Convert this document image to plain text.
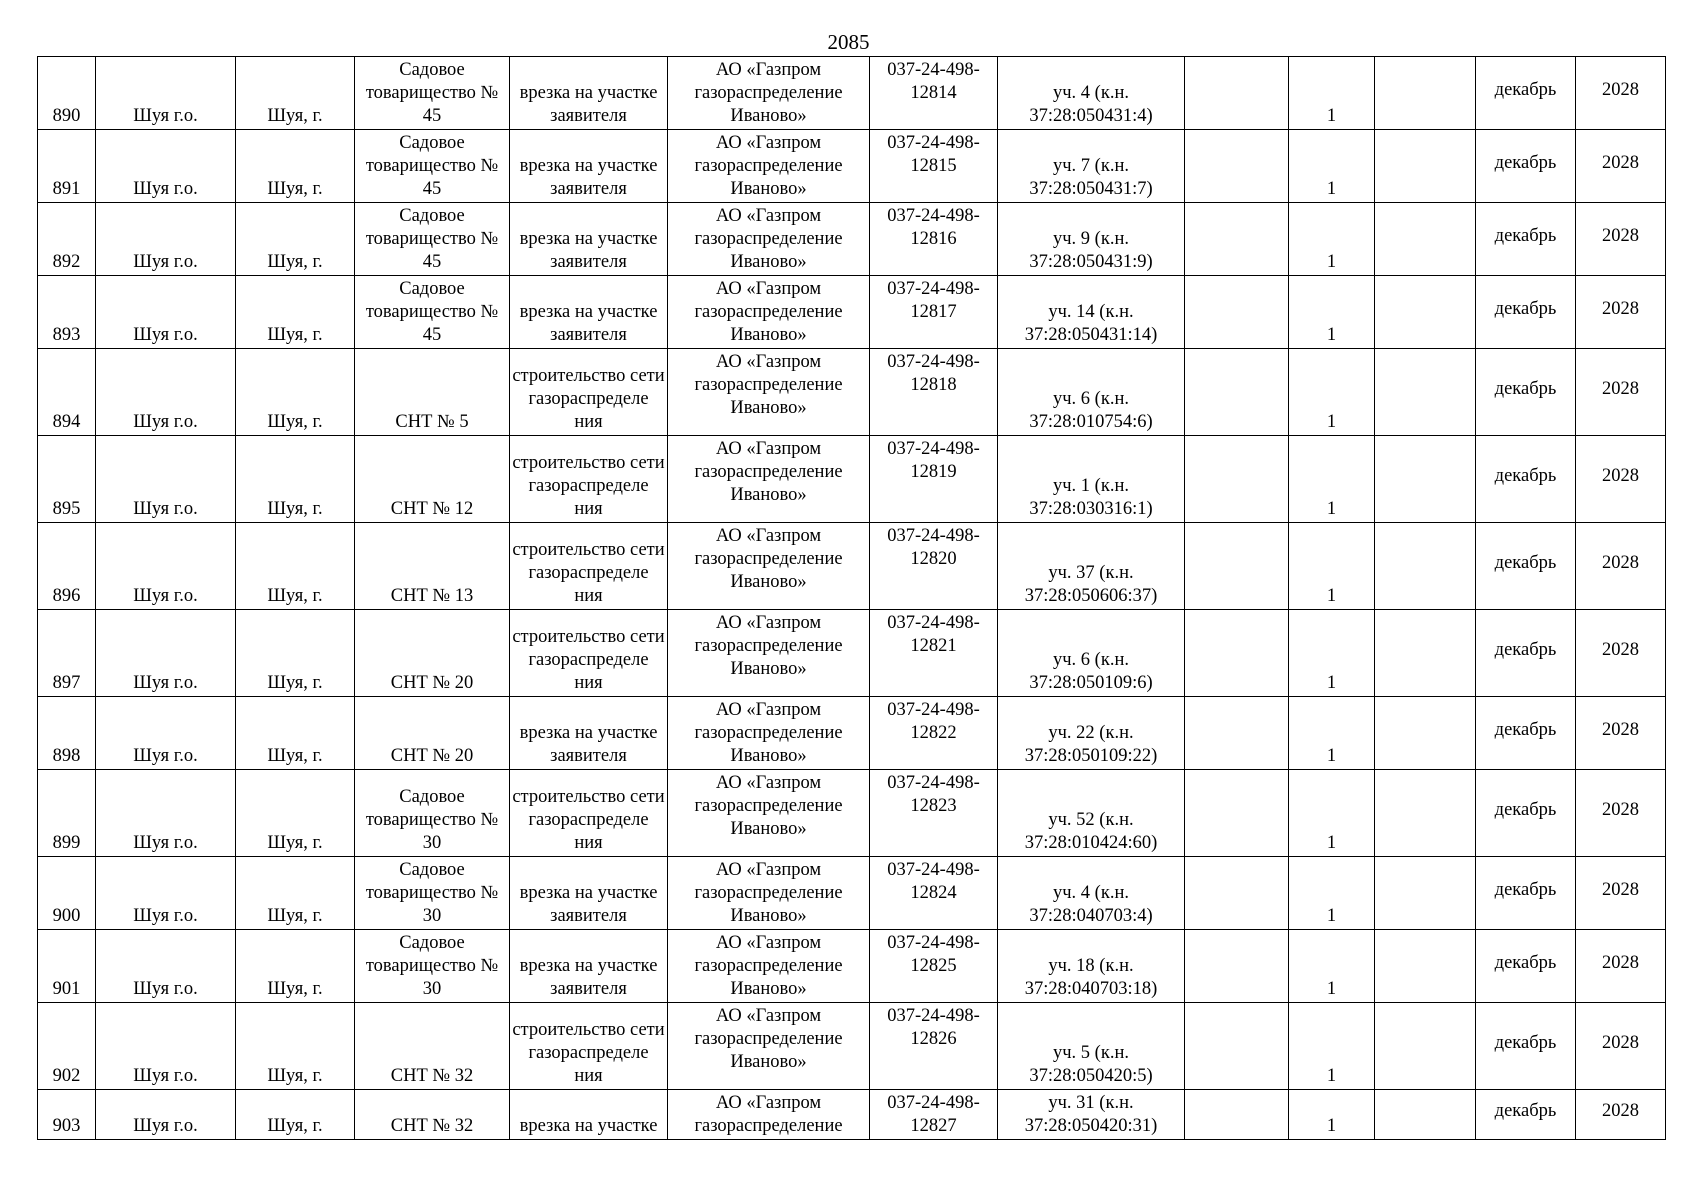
2085
890	Шуя г.о.	Шуя, г.	Садовое товарищество № 45	врезка на участке заявителя	АО «Газпром газораспределение Иваново»	037-24-498- 12814	уч. 4 (к.н. 37:28:050431:4)		1		декабрь	2028
891	Шуя г.о.	Шуя, г.	Садовое товарищество № 45	врезка на участке заявителя	АО «Газпром газораспределение Иваново»	037-24-498- 12815	уч. 7 (к.н. 37:28:050431:7)		1		декабрь	2028
892	Шуя г.о.	Шуя, г.	Садовое товарищество № 45	врезка на участке заявителя	АО «Газпром газораспределение Иваново»	037-24-498- 12816	уч. 9 (к.н. 37:28:050431:9)		1		декабрь	2028
893	Шуя г.о.	Шуя, г.	Садовое товарищество № 45	врезка на участке заявителя	АО «Газпром газораспределение Иваново»	037-24-498- 12817	уч. 14 (к.н. 37:28:050431:14)		1		декабрь	2028
894	Шуя г.о.	Шуя, г.	СНТ № 5	строительство сети газораспределе ния	АО «Газпром газораспределение Иваново»	037-24-498- 12818	уч. 6 (к.н. 37:28:010754:6)		1		декабрь	2028
895	Шуя г.о.	Шуя, г.	СНТ № 12	строительство сети газораспределе ния	АО «Газпром газораспределение Иваново»	037-24-498- 12819	уч. 1 (к.н. 37:28:030316:1)		1		декабрь	2028
896	Шуя г.о.	Шуя, г.	СНТ № 13	строительство сети газораспределе ния	АО «Газпром газораспределение Иваново»	037-24-498- 12820	уч. 37 (к.н. 37:28:050606:37)		1		декабрь	2028
897	Шуя г.о.	Шуя, г.	СНТ № 20	строительство сети газораспределе ния	АО «Газпром газораспределение Иваново»	037-24-498- 12821	уч. 6 (к.н. 37:28:050109:6)		1		декабрь	2028
898	Шуя г.о.	Шуя, г.	СНТ № 20	врезка на участке заявителя	АО «Газпром газораспределение Иваново»	037-24-498- 12822	уч. 22 (к.н. 37:28:050109:22)		1		декабрь	2028
899	Шуя г.о.	Шуя, г.	Садовое товарищество № 30	строительство сети газораспределе ния	АО «Газпром газораспределение Иваново»	037-24-498- 12823	уч. 52 (к.н. 37:28:010424:60)		1		декабрь	2028
900	Шуя г.о.	Шуя, г.	Садовое товарищество № 30	врезка на участке заявителя	АО «Газпром газораспределение Иваново»	037-24-498- 12824	уч. 4 (к.н. 37:28:040703:4)		1		декабрь	2028
901	Шуя г.о.	Шуя, г.	Садовое товарищество № 30	врезка на участке заявителя	АО «Газпром газораспределение Иваново»	037-24-498- 12825	уч. 18 (к.н. 37:28:040703:18)		1		декабрь	2028
902	Шуя г.о.	Шуя, г.	СНТ № 32	строительство сети газораспределе ния	АО «Газпром газораспределение Иваново»	037-24-498- 12826	уч. 5 (к.н. 37:28:050420:5)		1		декабрь	2028
903	Шуя г.о.	Шуя, г.	СНТ № 32	врезка на участке	АО «Газпром газораспределение	037-24-498- 12827	уч. 31 (к.н. 37:28:050420:31)		1		декабрь	2028
